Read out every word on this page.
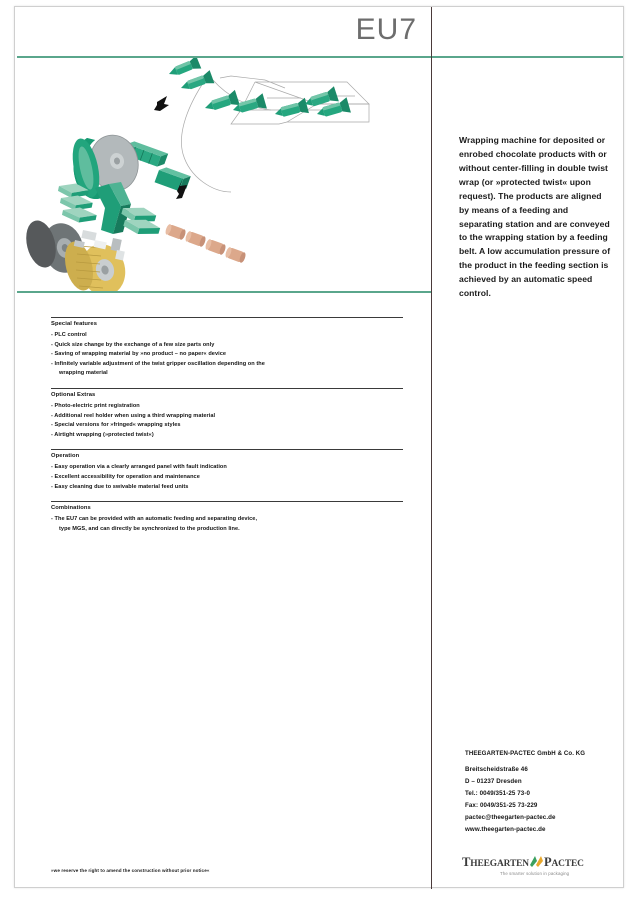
EU7
Special features
- PLC control
- Quick size change by the exchange of a few size parts only
- Saving of wrapping material by »no product – no paper« device
- Infinitely variable adjustment of the twist gripper oscillation depending on the
wrapping material
Optional Extras
- Photo-electric print registration
- Additional reel holder when using a third wrapping material
- Special versions for »fringed« wrapping styles
- Airtight wrapping (»protected twist«)
Operation
- Easy operation via a clearly arranged panel with fault indication
- Excellent accessibility for operation and maintenance
- Easy cleaning due to swivable material feed units
Combinations
- The EU7 can be provided with an automatic feeding and separating device,
type MGS, and can directly be synchronized to the production line.
»we reserve the right to amend the construction without prior notice«
Wrapping machine for deposited or enrobed chocolate products with or without center-filling in double twist wrap (or »protected twist« upon request). The products are aligned by means of a feeding and separating station and are conveyed to the wrapping station by a feeding belt. A low accumulation pressure of the product in the feeding section is achieved by an automatic speed control.
THEEGARTEN-PACTEC GmbH & Co. KG
Breitscheidstraße 46
D – 01237 Dresden
Tel.: 0049/351-25 73-0
Fax: 0049/351-25 73-229
pactec@theegarten-pactec.de
www.theegarten-pactec.de
THEEGARTEN PACTEC
The smarter solution in packaging
